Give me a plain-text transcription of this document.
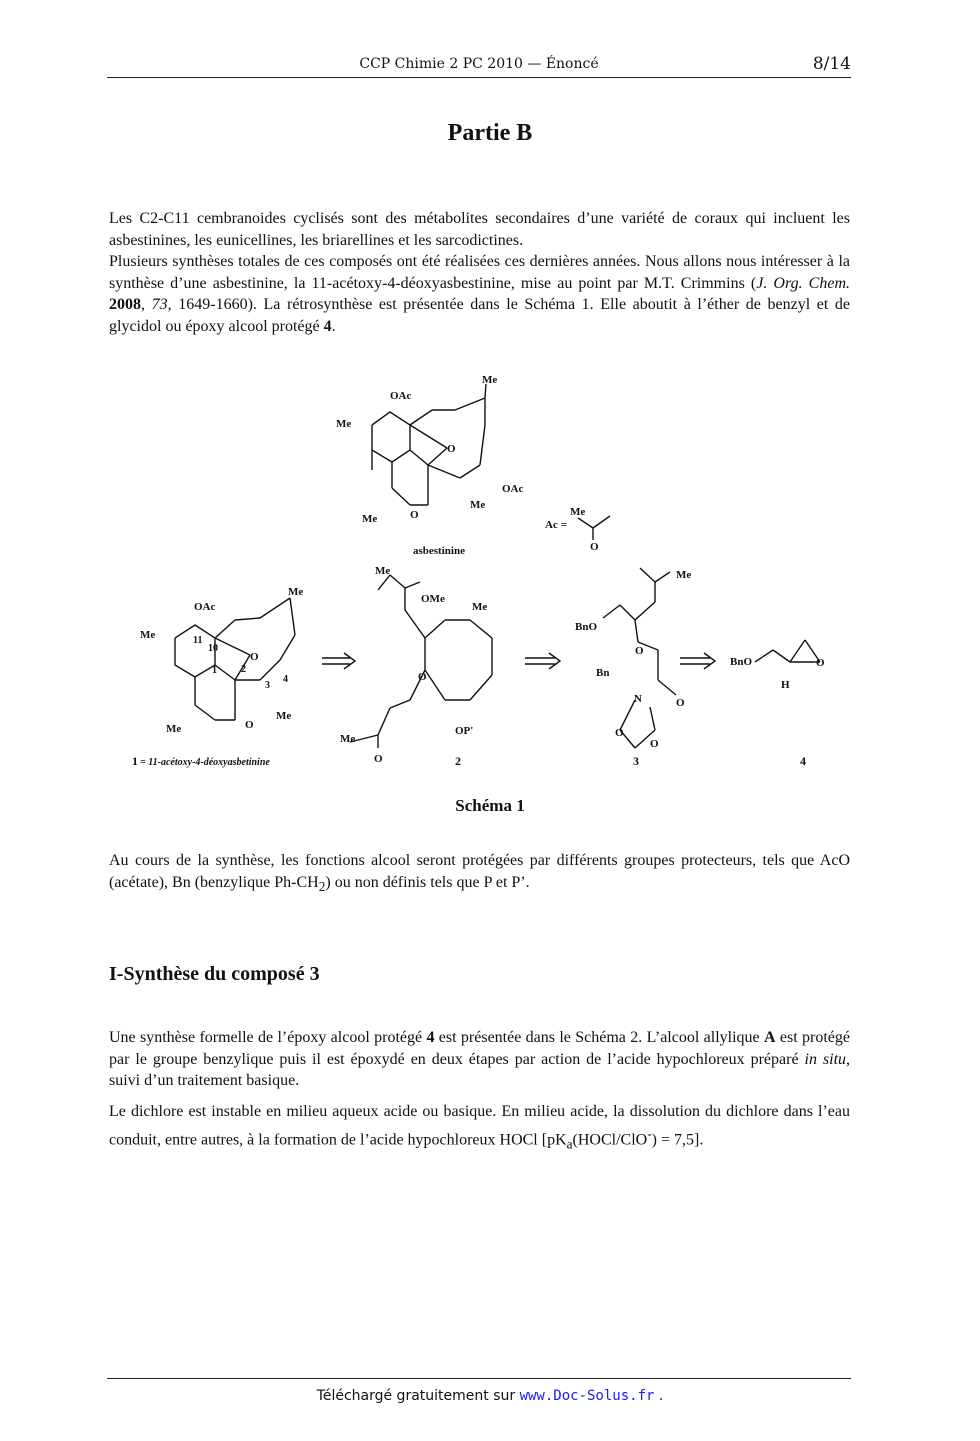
CCP Chimie 2 PC 2010 — Énoncé	8/14
Partie B

Les C2-C11 cembranoides cyclisés sont des métabolites secondaires d’une variété de coraux qui incluent les asbestinines, les eunicellines, les briarellines et les sarcodictines.

Plusieurs synthèses totales de ces composés ont été réalisées ces dernières années. Nous allons nous intéresser à la synthèse d’une asbestinine, la 11-acétoxy-4-déoxyasbestinine, mise au point par M.T. Crimmins (J. Org. Chem. 2008, 73, 1649-1660). La rétrosynthèse est présentée dans le Schéma 1. Elle aboutit à l’éther de benzyl et de glycidol ou époxy alcool protégé 4.

OAc
Me
Me
O
OAc
Me
Me	O
asbestinine
Ac =
Me
O
OAc
Me
Me
O
Me
Me	O
11
10
1 2
3
4
Me
OMe
Me
O
OP'
Me
O
Me
BnO
O
Bn
N	O
O
O
BnO
H
O
1 = 11-acétoxy-4-déoxyasbetinine	2	3	4
Schéma 1

Au cours de la synthèse, les fonctions alcool seront protégées par différents groupes protecteurs, tels que AcO (acétate), Bn (benzylique $Ph-CH_2$) ou non définis tels que P et P’.

I-Synthèse du composé 3

Une synthèse formelle de l’époxy alcool protégé 4 est présentée dans le Schéma 2. L’alcool allylique A est protégé par le groupe benzylique puis il est époxydé en deux étapes par action de l’acide hypochloreux préparé in situ, suivi d’un traitement basique.

Le dichlore est instable en milieu aqueux acide ou basique. En milieu acide, la dissolution du dichlore dans l’eau conduit, entre autres, à la formation de l’acide hypochloreux HOCl $[pK_a(HOCl/ClO^-) = 7,5]$.

Téléchargé gratuitement sur www.Doc-Solus.fr .
